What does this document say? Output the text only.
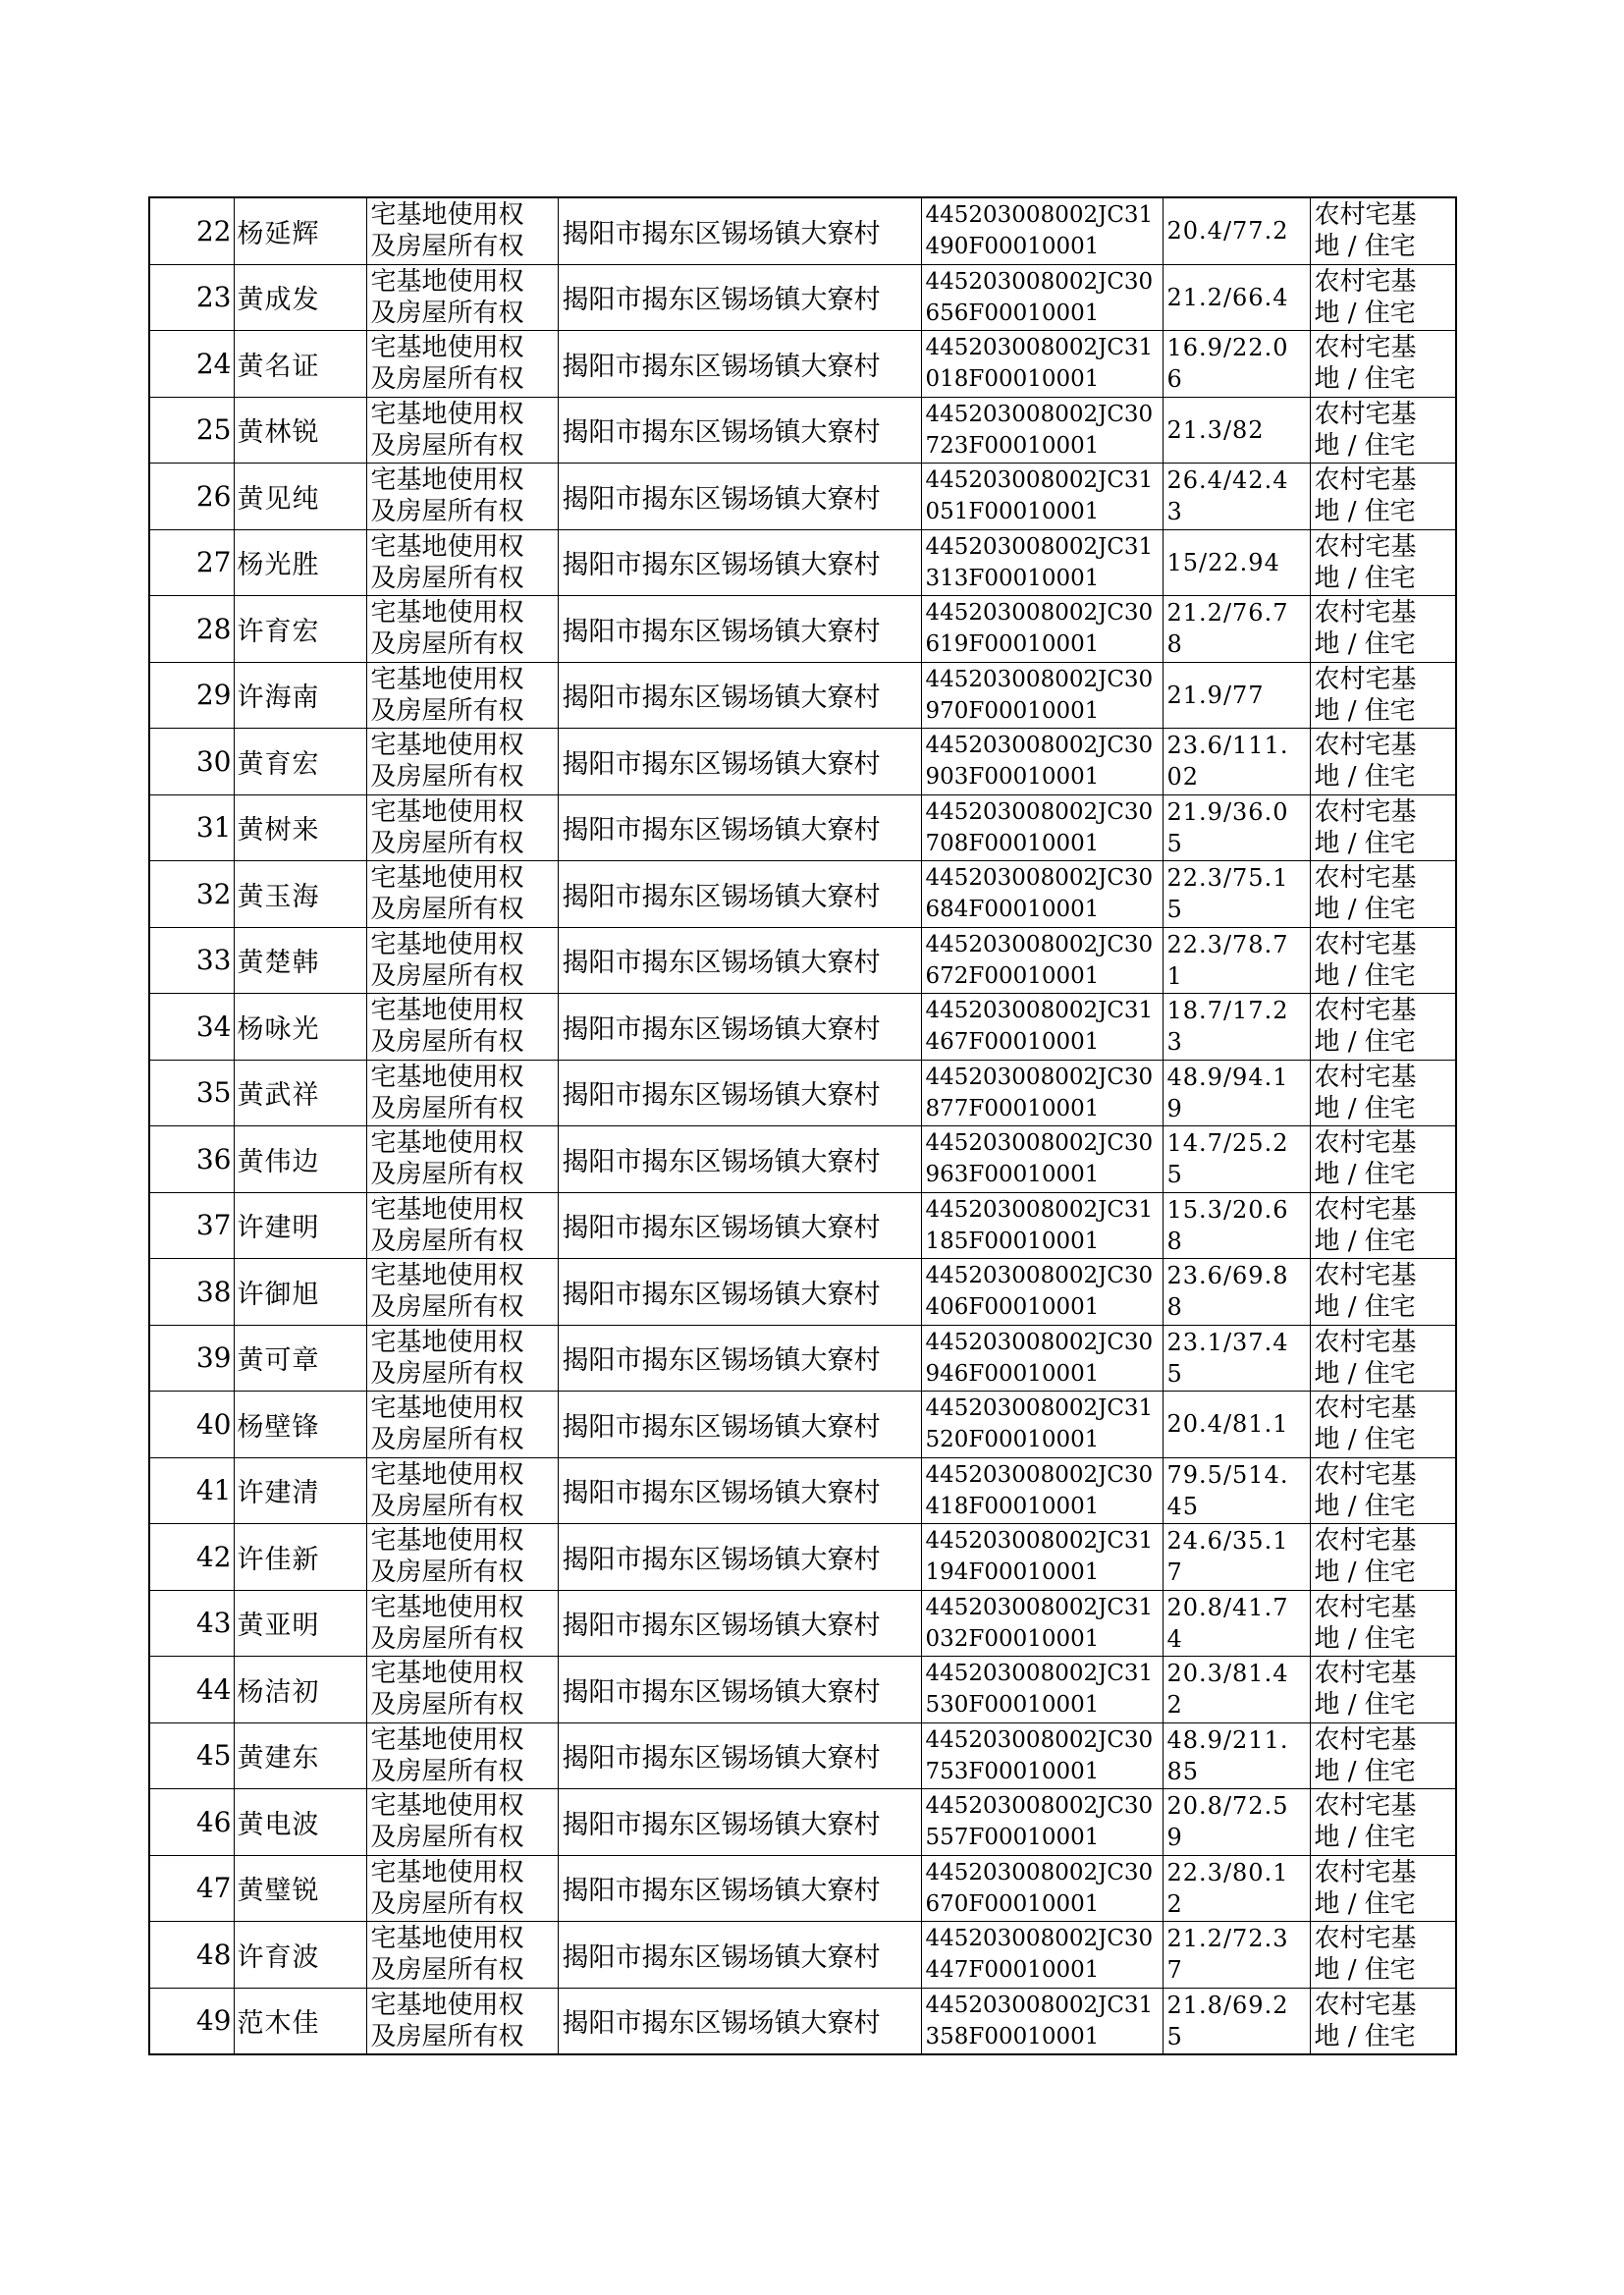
22	杨延辉	宅基地使用权
及房屋所有权	揭阳市揭东区锡场镇大寮村	445203008002JC31
490F00010001	20.4/77.2	农村宅基
地 / 住宅

23	黄成发	宅基地使用权
及房屋所有权	揭阳市揭东区锡场镇大寮村	445203008002JC30
656F00010001	21.2/66.4	农村宅基
地 / 住宅

24	黄名证	宅基地使用权
及房屋所有权	揭阳市揭东区锡场镇大寮村	445203008002JC31
018F00010001	16.9/22.0
6	农村宅基
地 / 住宅

25	黄林锐	宅基地使用权
及房屋所有权	揭阳市揭东区锡场镇大寮村	445203008002JC30
723F00010001	21.3/82	农村宅基
地 / 住宅

26	黄见纯	宅基地使用权
及房屋所有权	揭阳市揭东区锡场镇大寮村	445203008002JC31
051F00010001	26.4/42.4
3	农村宅基
地 / 住宅

27	杨光胜	宅基地使用权
及房屋所有权	揭阳市揭东区锡场镇大寮村	445203008002JC31
313F00010001	15/22.94	农村宅基
地 / 住宅

28	许育宏	宅基地使用权
及房屋所有权	揭阳市揭东区锡场镇大寮村	445203008002JC30
619F00010001	21.2/76.7
8	农村宅基
地 / 住宅

29	许海南	宅基地使用权
及房屋所有权	揭阳市揭东区锡场镇大寮村	445203008002JC30
970F00010001	21.9/77	农村宅基
地 / 住宅

30	黄育宏	宅基地使用权
及房屋所有权	揭阳市揭东区锡场镇大寮村	445203008002JC30
903F00010001	23.6/111.
02	农村宅基
地 / 住宅

31	黄树来	宅基地使用权
及房屋所有权	揭阳市揭东区锡场镇大寮村	445203008002JC30
708F00010001	21.9/36.0
5	农村宅基
地 / 住宅

32	黄玉海	宅基地使用权
及房屋所有权	揭阳市揭东区锡场镇大寮村	445203008002JC30
684F00010001	22.3/75.1
5	农村宅基
地 / 住宅

33	黄楚韩	宅基地使用权
及房屋所有权	揭阳市揭东区锡场镇大寮村	445203008002JC30
672F00010001	22.3/78.7
1	农村宅基
地 / 住宅

34	杨咏光	宅基地使用权
及房屋所有权	揭阳市揭东区锡场镇大寮村	445203008002JC31
467F00010001	18.7/17.2
3	农村宅基
地 / 住宅

35	黄武祥	宅基地使用权
及房屋所有权	揭阳市揭东区锡场镇大寮村	445203008002JC30
877F00010001	48.9/94.1
9	农村宅基
地 / 住宅

36	黄伟边	宅基地使用权
及房屋所有权	揭阳市揭东区锡场镇大寮村	445203008002JC30
963F00010001	14.7/25.2
5	农村宅基
地 / 住宅

37	许建明	宅基地使用权
及房屋所有权	揭阳市揭东区锡场镇大寮村	445203008002JC31
185F00010001	15.3/20.6
8	农村宅基
地 / 住宅

38	许御旭	宅基地使用权
及房屋所有权	揭阳市揭东区锡场镇大寮村	445203008002JC30
406F00010001	23.6/69.8
8	农村宅基
地 / 住宅

39	黄可章	宅基地使用权
及房屋所有权	揭阳市揭东区锡场镇大寮村	445203008002JC30
946F00010001	23.1/37.4
5	农村宅基
地 / 住宅

40	杨壁锋	宅基地使用权
及房屋所有权	揭阳市揭东区锡场镇大寮村	445203008002JC31
520F00010001	20.4/81.1	农村宅基
地 / 住宅

41	许建清	宅基地使用权
及房屋所有权	揭阳市揭东区锡场镇大寮村	445203008002JC30
418F00010001	79.5/514.
45	农村宅基
地 / 住宅

42	许佳新	宅基地使用权
及房屋所有权	揭阳市揭东区锡场镇大寮村	445203008002JC31
194F00010001	24.6/35.1
7	农村宅基
地 / 住宅

43	黄亚明	宅基地使用权
及房屋所有权	揭阳市揭东区锡场镇大寮村	445203008002JC31
032F00010001	20.8/41.7
4	农村宅基
地 / 住宅

44	杨洁初	宅基地使用权
及房屋所有权	揭阳市揭东区锡场镇大寮村	445203008002JC31
530F00010001	20.3/81.4
2	农村宅基
地 / 住宅

45	黄建东	宅基地使用权
及房屋所有权	揭阳市揭东区锡场镇大寮村	445203008002JC30
753F00010001	48.9/211.
85	农村宅基
地 / 住宅

46	黄电波	宅基地使用权
及房屋所有权	揭阳市揭东区锡场镇大寮村	445203008002JC30
557F00010001	20.8/72.5
9	农村宅基
地 / 住宅

47	黄璧锐	宅基地使用权
及房屋所有权	揭阳市揭东区锡场镇大寮村	445203008002JC30
670F00010001	22.3/80.1
2	农村宅基
地 / 住宅

48	许育波	宅基地使用权
及房屋所有权	揭阳市揭东区锡场镇大寮村	445203008002JC30
447F00010001	21.2/72.3
7	农村宅基
地 / 住宅

49	范木佳	宅基地使用权
及房屋所有权	揭阳市揭东区锡场镇大寮村	445203008002JC31
358F00010001	21.8/69.2
5	农村宅基
地 / 住宅
